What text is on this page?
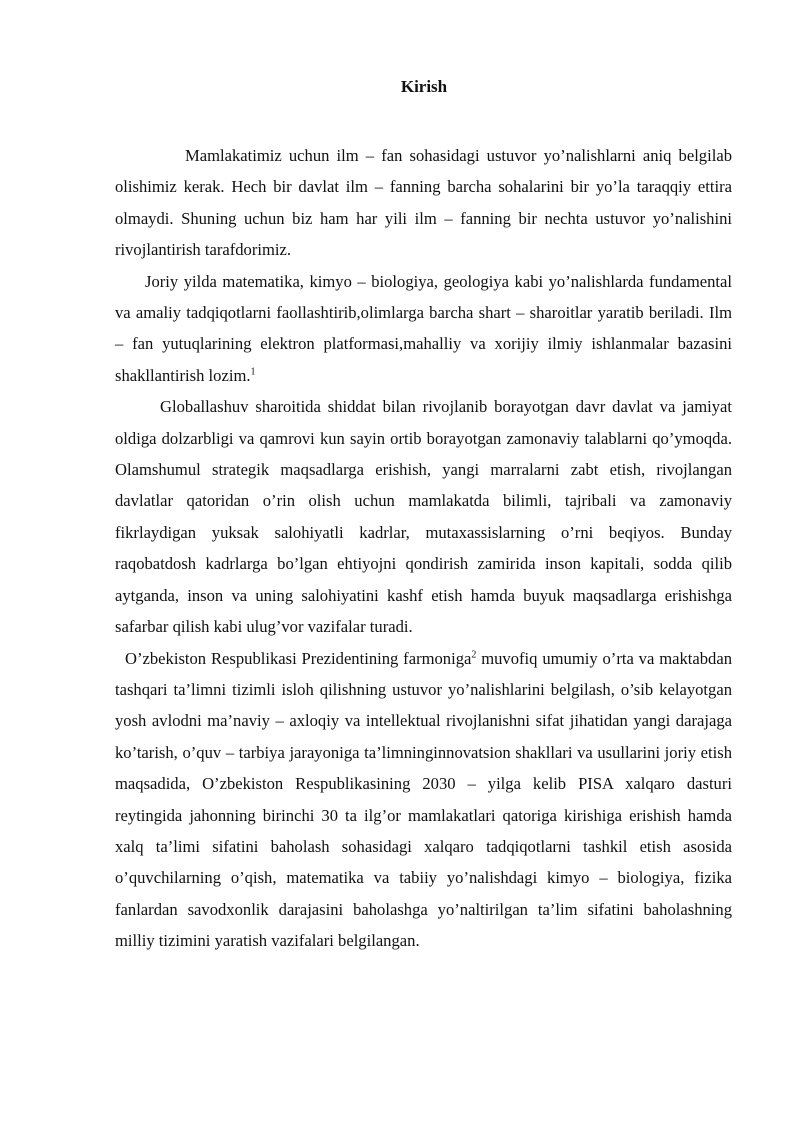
Kirish

Mamlakatimiz uchun ilm – fan sohasidagi ustuvor yo’nalishlarni aniq belgilab olishimiz kerak. Hech bir davlat ilm – fanning barcha sohalarini bir yo’la taraqqiy ettira olmaydi. Shuning uchun biz ham har yili ilm – fanning bir nechta ustuvor yo’nalishini rivojlantirish tarafdorimiz.

Joriy yilda matematika, kimyo – biologiya, geologiya kabi yo’nalishlarda fundamental va amaliy tadqiqotlarni faollashtirib,olimlarga barcha shart – sharoitlar yaratib beriladi. Ilm – fan yutuqlarining elektron platformasi,mahalliy va xorijiy ilmiy ishlanmalar bazasini shakllantirish lozim.$^1$

Globallashuv sharoitida shiddat bilan rivojlanib borayotgan davr davlat va jamiyat oldiga dolzarbligi va qamrovi kun sayin ortib borayotgan zamonaviy talablarni qo’ymoqda. Olamshumul strategik maqsadlarga erishish, yangi marralarni zabt etish, rivojlangan davlatlar qatoridan o’rin olish uchun mamlakatda bilimli, tajribali va zamonaviy fikrlaydigan yuksak salohiyatli kadrlar, mutaxassislarning o’rni beqiyos. Bunday raqobatdosh kadrlarga bo’lgan ehtiyojni qondirish zamirida inson kapitali, sodda qilib aytganda, inson va uning salohiyatini kashf etish hamda buyuk maqsadlarga erishishga safarbar qilish kabi ulug’vor vazifalar turadi.

O’zbekiston Respublikasi Prezidentining farmoniga$^2$ muvofiq umumiy o’rta va maktabdan tashqari ta’limni tizimli isloh qilishning ustuvor yo’nalishlarini belgilash, o’sib kelayotgan yosh avlodni ma’naviy – axloqiy va intellektual rivojlanishni sifat jihatidan yangi darajaga ko’tarish, o’quv – tarbiya jarayoniga ta’limninginnovatsion shakllari va usullarini joriy etish maqsadida, O’zbekiston Respublikasining 2030 – yilga kelib PISA xalqaro dasturi reytingida jahonning birinchi 30 ta ilg’or mamlakatlari qatoriga kirishiga erishish hamda xalq ta’limi sifatini baholash sohasidagi xalqaro tadqiqotlarni tashkil etish asosida o’quvchilarning o’qish, matematika va tabiiy yo’nalishdagi kimyo – biologiya, fizika fanlardan savodxonlik darajasini baholashga yo’naltirilgan ta’lim sifatini baholashning milliy tizimini yaratish vazifalari belgilangan.
